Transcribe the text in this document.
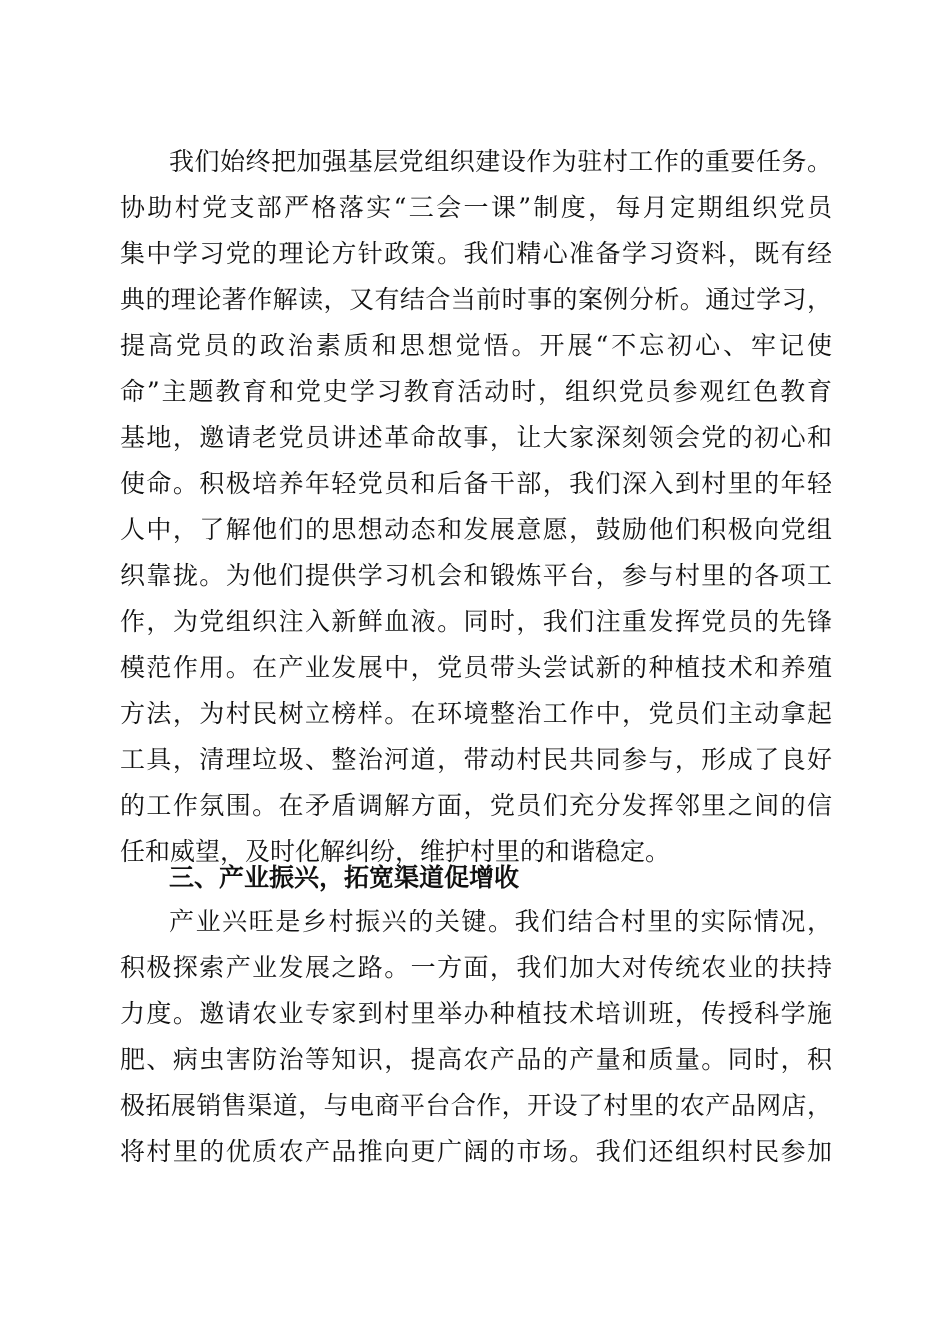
我们始终把加强基层党组织建设作为驻村工作的重要任务。
协助村党支部严格落实“三会一课”制度，每月定期组织党员
集中学习党的理论方针政策。我们精心准备学习资料，既有经
典的理论著作解读，又有结合当前时事的案例分析。通过学习，
提高党员的政治素质和思想觉悟。开展“不忘初心、牢记使
命”主题教育和党史学习教育活动时，组织党员参观红色教育
基地，邀请老党员讲述革命故事，让大家深刻领会党的初心和
使命。积极培养年轻党员和后备干部，我们深入到村里的年轻
人中，了解他们的思想动态和发展意愿，鼓励他们积极向党组
织靠拢。为他们提供学习机会和锻炼平台，参与村里的各项工
作，为党组织注入新鲜血液。同时，我们注重发挥党员的先锋
模范作用。在产业发展中，党员带头尝试新的种植技术和养殖
方法，为村民树立榜样。在环境整治工作中，党员们主动拿起
工具，清理垃圾、整治河道，带动村民共同参与，形成了良好
的工作氛围。在矛盾调解方面，党员们充分发挥邻里之间的信
任和威望，及时化解纠纷，维护村里的和谐稳定。
三、产业振兴，拓宽渠道促增收
产业兴旺是乡村振兴的关键。我们结合村里的实际情况，
积极探索产业发展之路。一方面，我们加大对传统农业的扶持
力度。邀请农业专家到村里举办种植技术培训班，传授科学施
肥、病虫害防治等知识，提高农产品的产量和质量。同时，积
极拓展销售渠道，与电商平台合作，开设了村里的农产品网店，
将村里的优质农产品推向更广阔的市场。我们还组织村民参加
